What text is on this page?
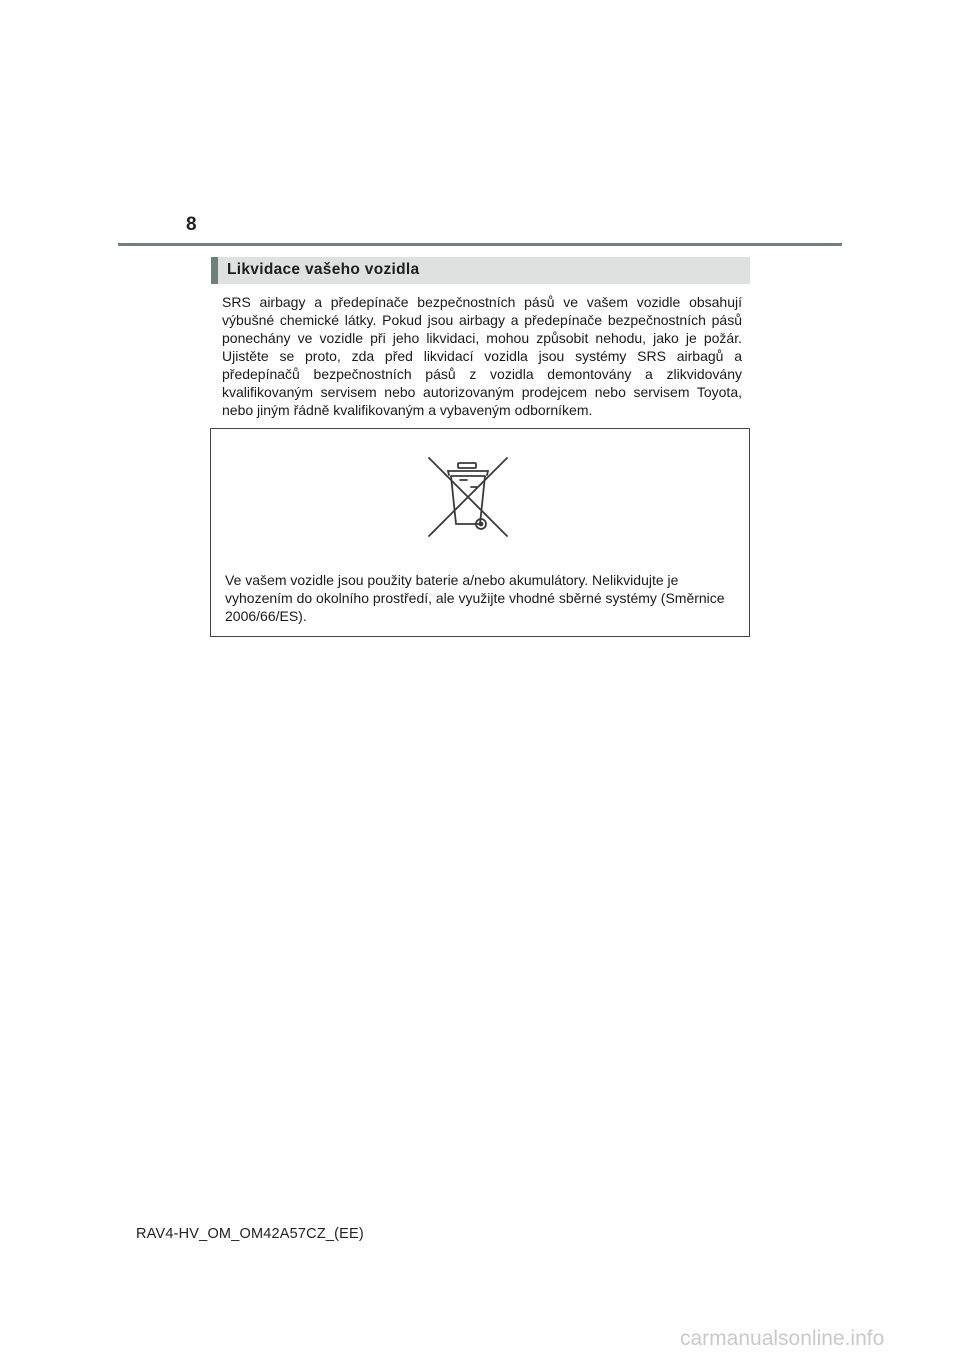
8
Likvidace vašeho vozidla
SRS airbagy a předepínače bezpečnostních pásů ve vašem vozidle obsahují výbušné chemické látky. Pokud jsou airbagy a předepínače bezpečnostních pásů ponechány ve vozidle při jeho likvidaci, mohou způsobit nehodu, jako je požár. Ujistěte se proto, zda před likvidací vozidla jsou systémy SRS airbagů a předepínačů bezpečnostních pásů z vozidla demontovány a zlikvidovány kvalifikovaným servisem nebo autorizovaným prodejcem nebo servisem Toyota, nebo jiným řádně kvalifikovaným a vybaveným odborníkem.
Ve vašem vozidle jsou použity baterie a/nebo akumulátory. Nelikvidujte je vyhozením do okolního prostředí, ale využijte vhodné sběrné systémy (Směrnice 2006/66/ES).
RAV4-HV_OM_OM42A57CZ_(EE)
carmanualsonline.info
